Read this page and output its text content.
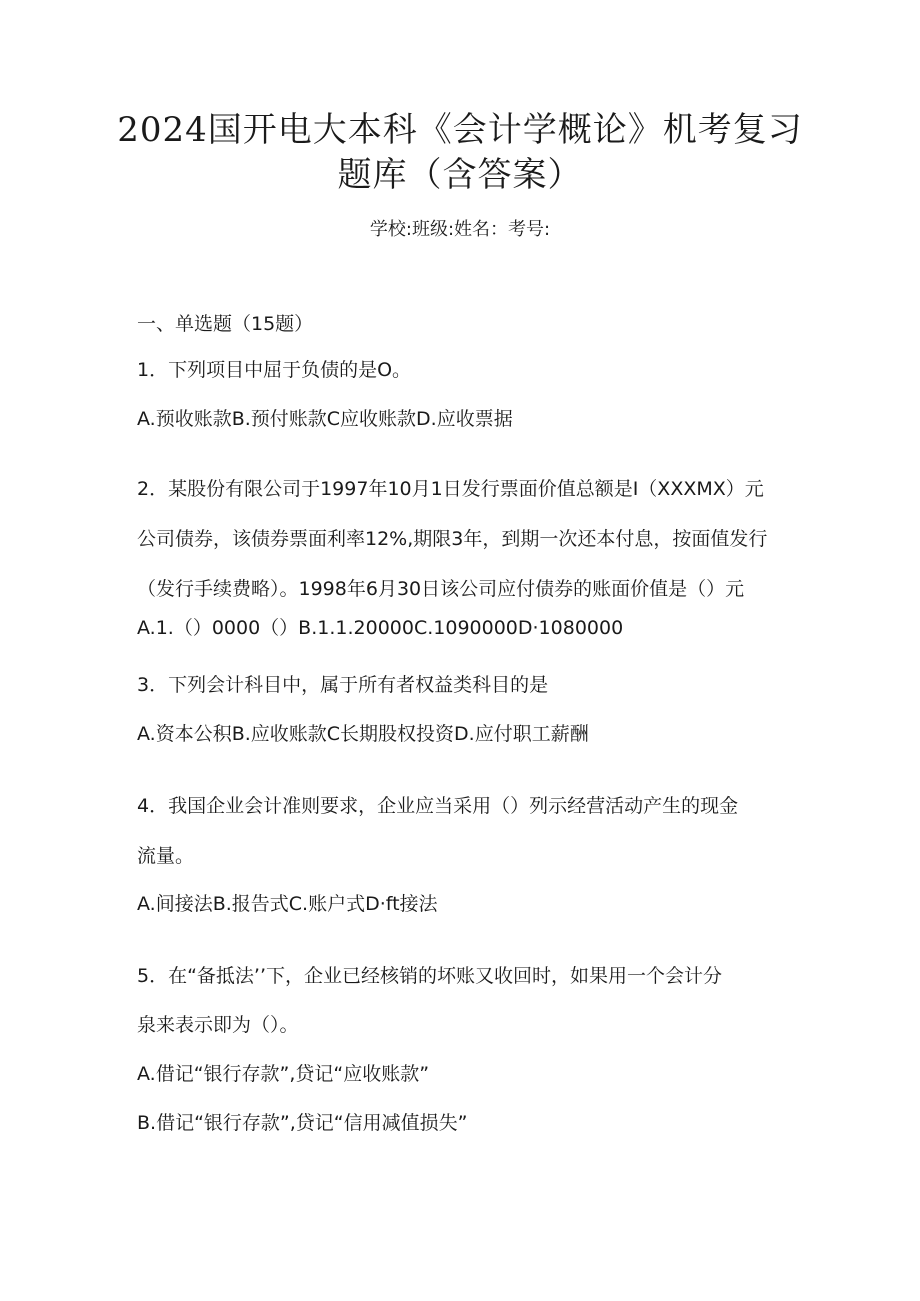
2024国开电大本科《会计学概论》机考复习
题库（含答案）
学校:班级:姓名：考号:
一、单选题（15题）
1．下列项目中屈于负债的是O。
A.预收账款B.预付账款C应收账款D.应收票据
2．某股份有限公司于1997年10月1日发行票面价值总额是I（XXXMX）元
公司债券，该债券票面利率12%,期限3年，到期一次还本付息，按面值发行
（发行手续费略）。1998年6月30日该公司应付债券的账面价值是（）元
A.1.（）0000（）B.1.1.20000C.1090000D·1080000
3．下列会计科目中，属于所有者权益类科目的是
A.资本公积B.应收账款C长期股权投资D.应付职工薪酬
4．我国企业会计准则要求，企业应当采用（）列示经营活动产生的现金
流量。
A.间接法B.报告式C.账户式D·ft接法
5．在“备抵法’’下，企业已经核销的坏账又收回时，如果用一个会计分
泉来表示即为（）。
A.借记“银行存款”,贷记“应收账款”
B.借记“银行存款”,贷记“信用减值损失”
